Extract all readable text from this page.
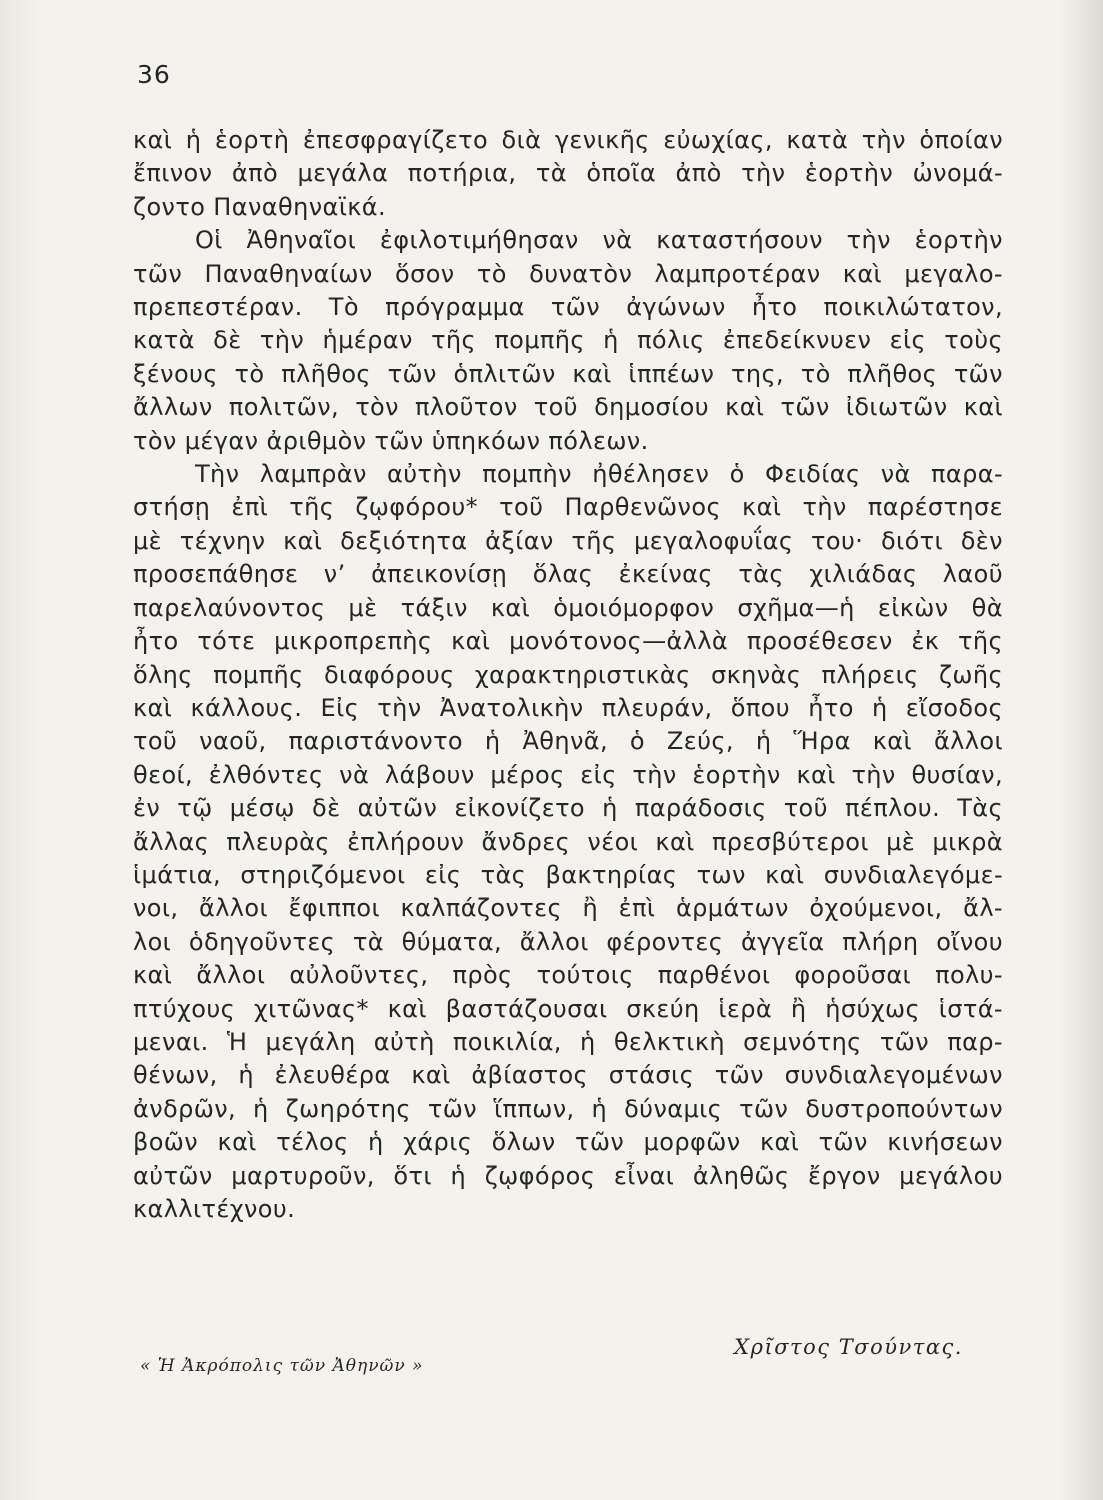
36
καὶ ἡ ἑορτὴ ἐπεσφραγίζετο διὰ γενικῆς εὐωχίας, κατὰ τὴν ὁποίαν
ἔπινον ἀπὸ μεγάλα ποτήρια, τὰ ὁποῖα ἀπὸ τὴν ἑορτὴν ὠνομά-
ζοντο Παναθηναϊκά.
Οἱ Ἀθηναῖοι ἐφιλοτιμήθησαν νὰ καταστήσουν τὴν ἑορτὴν
τῶν Παναθηναίων ὅσον τὸ δυνατὸν λαμπροτέραν καὶ μεγαλο-
πρεπεστέραν. Τὸ πρόγραμμα τῶν ἀγώνων ἦτο ποικιλώτατον,
κατὰ δὲ τὴν ἡμέραν τῆς πομπῆς ἡ πόλις ἐπεδείκνυεν εἰς τοὺς
ξένους τὸ πλῆθος τῶν ὁπλιτῶν καὶ ἱππέων της, τὸ πλῆθος τῶν
ἄλλων πολιτῶν, τὸν πλοῦτον τοῦ δημοσίου καὶ τῶν ἰδιωτῶν καὶ
τὸν μέγαν ἀριθμὸν τῶν ὑπηκόων πόλεων.
Τὴν λαμπρὰν αὐτὴν πομπὴν ἠθέλησεν ὁ Φειδίας νὰ παρα-
στήσῃ ἐπὶ τῆς ζῳφόρου* τοῦ Παρθενῶνος καὶ τὴν παρέστησε
μὲ τέχνην καὶ δεξιότητα ἀξίαν τῆς μεγαλοφυΐας του· διότι δὲν
προσεπάθησε ν’ ἀπεικονίσῃ ὅλας ἐκείνας τὰς χιλιάδας λαοῦ
παρελαύνοντος μὲ τάξιν καὶ ὁμοιόμορφον σχῆμα—ἡ εἰκὼν θὰ
ἦτο τότε μικροπρεπὴς καὶ μονότονος—ἀλλὰ προσέθεσεν ἐκ τῆς
ὅλης πομπῆς διαφόρους χαρακτηριστικὰς σκηνὰς πλήρεις ζωῆς
καὶ κάλλους. Εἰς τὴν Ἀνατολικὴν πλευράν, ὅπου ἦτο ἡ εἴσοδος
τοῦ ναοῦ, παριστάνοντο ἡ Ἀθηνᾶ, ὁ Ζεύς, ἡ Ἥρα καὶ ἄλλοι
θεοί, ἐλθόντες νὰ λάβουν μέρος εἰς τὴν ἑορτὴν καὶ τὴν θυσίαν,
ἐν τῷ μέσῳ δὲ αὐτῶν εἰκονίζετο ἡ παράδοσις τοῦ πέπλου. Τὰς
ἄλλας πλευρὰς ἐπλήρουν ἄνδρες νέοι καὶ πρεσβύτεροι μὲ μικρὰ
ἱμάτια, στηριζόμενοι εἰς τὰς βακτηρίας των καὶ συνδιαλεγόμε-
νοι, ἄλλοι ἔφιπποι καλπάζοντες ἢ ἐπὶ ἁρμάτων ὀχούμενοι, ἄλ-
λοι ὁδηγοῦντες τὰ θύματα, ἄλλοι φέροντες ἀγγεῖα πλήρη οἴνου
καὶ ἄλλοι αὐλοῦντες, πρὸς τούτοις παρθένοι φοροῦσαι πολυ-
πτύχους χιτῶνας* καὶ βαστάζουσαι σκεύη ἱερὰ ἢ ἡσύχως ἱστά-
μεναι. Ἡ μεγάλη αὐτὴ ποικιλία, ἡ θελκτικὴ σεμνότης τῶν παρ-
θένων, ἡ ἐλευθέρα καὶ ἀβίαστος στάσις τῶν συνδιαλεγομένων
ἀνδρῶν, ἡ ζωηρότης τῶν ἵππων, ἡ δύναμις τῶν δυστροπούντων
βοῶν καὶ τέλος ἡ χάρις ὅλων τῶν μορφῶν καὶ τῶν κινήσεων
αὐτῶν μαρτυροῦν, ὅτι ἡ ζῳφόρος εἶναι ἀληθῶς ἔργον μεγάλου
καλλιτέχνου.
Χρῖστος Τσούντας.
« Ἡ Ἀκρόπολις τῶν Ἀθηνῶν »
